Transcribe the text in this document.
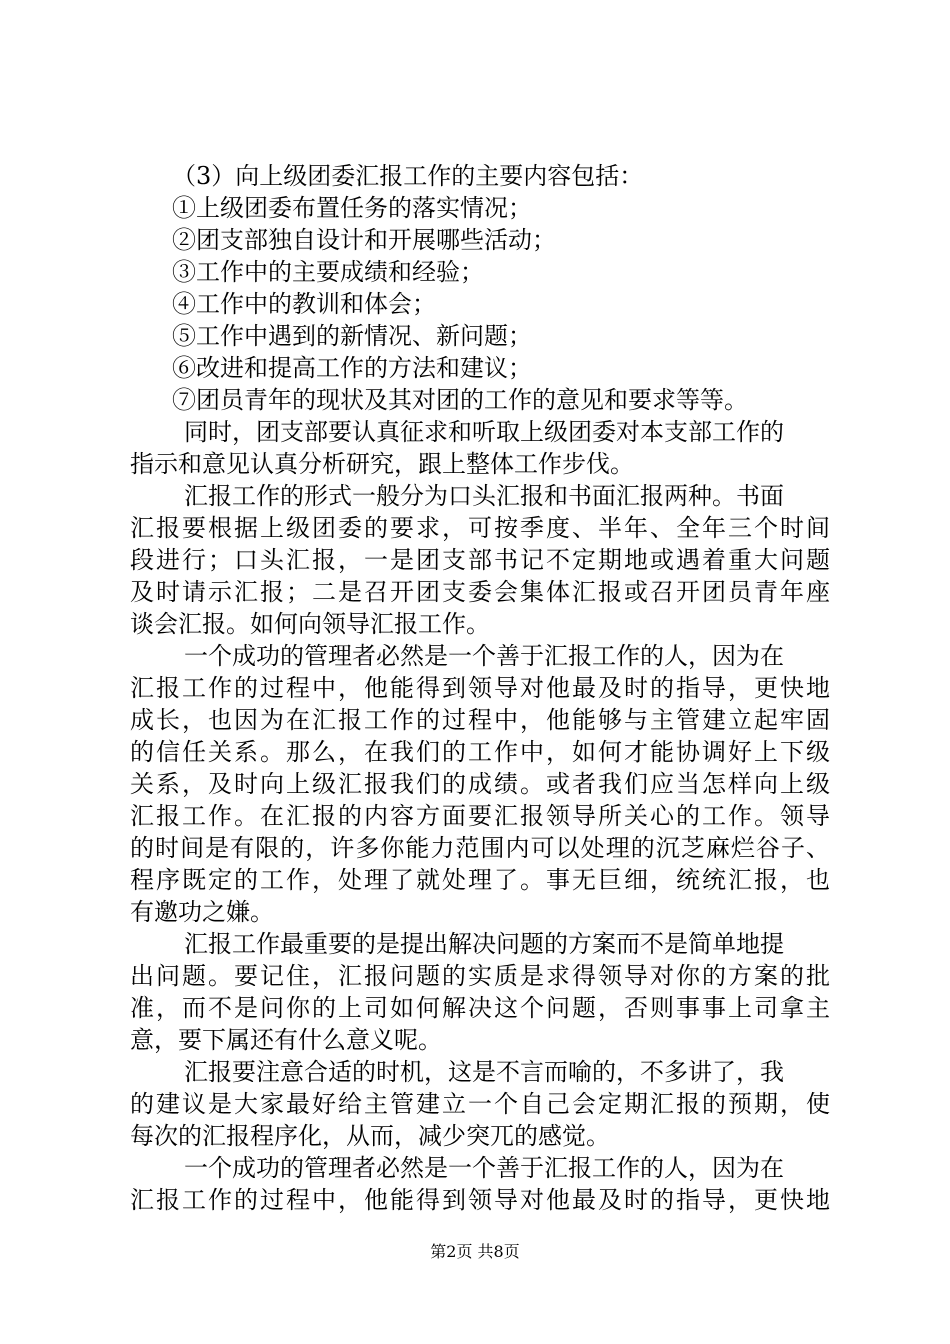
（3）向上级团委汇报工作的主要内容包括：
①上级团委布置任务的落实情况；
②团支部独自设计和开展哪些活动；
③工作中的主要成绩和经验；
④工作中的教训和体会；
⑤工作中遇到的新情况、新问题；
⑥改进和提高工作的方法和建议；
⑦团员青年的现状及其对团的工作的意见和要求等等。
同时，团支部要认真征求和听取上级团委对本支部工作的
指示和意见认真分析研究，跟上整体工作步伐。
汇报工作的形式一般分为口头汇报和书面汇报两种。书面
汇报要根据上级团委的要求，可按季度、半年、全年三个时间
段进行；口头汇报，一是团支部书记不定期地或遇着重大问题
及时请示汇报；二是召开团支委会集体汇报或召开团员青年座
谈会汇报。如何向领导汇报工作。
一个成功的管理者必然是一个善于汇报工作的人，因为在
汇报工作的过程中，他能得到领导对他最及时的指导，更快地
成长，也因为在汇报工作的过程中，他能够与主管建立起牢固
的信任关系。那么，在我们的工作中，如何才能协调好上下级
关系，及时向上级汇报我们的成绩。或者我们应当怎样向上级
汇报工作。在汇报的内容方面要汇报领导所关心的工作。领导
的时间是有限的，许多你能力范围内可以处理的沉芝麻烂谷子、
程序既定的工作，处理了就处理了。事无巨细，统统汇报，也
有邀功之嫌。
汇报工作最重要的是提出解决问题的方案而不是简单地提
出问题。要记住，汇报问题的实质是求得领导对你的方案的批
准，而不是问你的上司如何解决这个问题，否则事事上司拿主
意，要下属还有什么意义呢。
汇报要注意合适的时机，这是不言而喻的，不多讲了，我
的建议是大家最好给主管建立一个自己会定期汇报的预期，使
每次的汇报程序化，从而，减少突兀的感觉。
一个成功的管理者必然是一个善于汇报工作的人，因为在
汇报工作的过程中，他能得到领导对他最及时的指导，更快地
第2页 共8页
